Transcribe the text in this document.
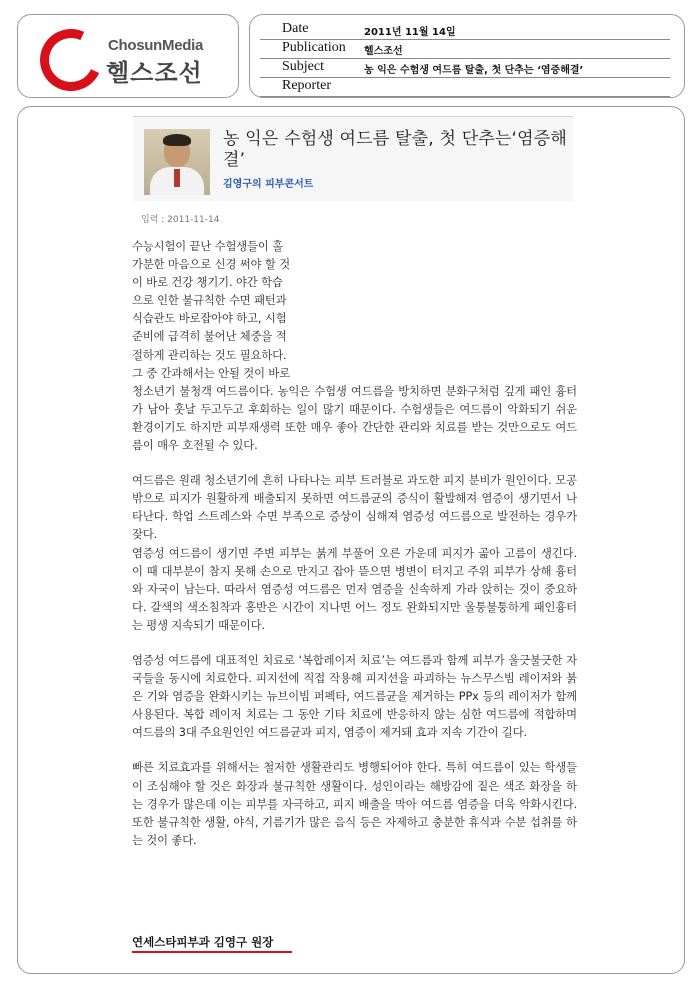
ChosunMedia
헬스조선
Date	2011년 11월 14일
Publication 헬스조선
Subject	농 익은 수험생 여드름 탈출, 첫 단추는 ‘염증해결’
Reporter
농 익은 수험생 여드름 탈출, 첫 단추는‘염증해결’
김영구의 피부콘서트
입력 : 2011-11-14

수능시험이 끝난 수험생들이 홀
가분한 마음으로 신경 써야 할 것
이 바로 건강 챙기기. 야간 학습
으로 인한 불규칙한 수면 패턴과
식습관도 바로잡아야 하고, 시험
준비에 급격히 불어난 체중을 적
절하게 관리하는 것도 필요하다.
그 중 간과해서는 안될 것이 바로
청소년기 불청객 여드름이다. 농익은 수험생 여드름을 방치하면 분화구처럼 깊게 패인 흉터가 남아 훗날 두고두고 후회하는 일이 많기 때문이다. 수험생들은 여드름이 악화되기 쉬운 환경이기도 하지만 피부재생력 또한 매우 좋아 간단한 관리와 치료를 받는 것만으로도 여드름이 매우 호전될 수 있다.

여드름은 원래 청소년기에 흔히 나타나는 피부 트러블로 과도한 피지 분비가 원인이다. 모공 밖으로 피지가 원활하게 배출되지 못하면 여드름균의 증식이 활발해져 염증이 생기면서 나타난다. 학업 스트레스와 수면 부족으로 증상이 심해져 염증성 여드름으로 발전하는 경우가 잦다.

염증성 여드름이 생기면 주변 피부는 붉게 부풀어 오른 가운데 피지가 곪아 고름이 생긴다. 이 때 대부분이 참지 못해 손으로 만지고 잡아 뜯으면 병변이 터지고 주위 피부가 상해 흉터와 자국이 남는다. 따라서 염증성 여드름은 먼저 염증을 신속하게 가라 앉히는 것이 중요하다. 갈색의 색소침착과 홍반은 시간이 지나면 어느 정도 완화되지만 울퉁불퉁하게 패인흉터는 평생 지속되기 때문이다.

염증성 여드름에 대표적인 치료로 ‘복합레이저 치료’는 여드름과 함께 피부가 울긋불긋한 자국들을 동시에 치료한다. 피지선에 직접 작용해 피지선을 파괴하는 뉴스무스빔 레이저와 붉은 기와 염증을 완화시키는 뉴브이빔 퍼펙타, 여드름균을 제거하는 PPx 등의 레이저가 함께 사용된다. 복합 레이저 치료는 그 동안 기타 치료에 반응하지 않는 심한 여드름에 적합하며 여드름의 3대 주요원인인 여드름균과 피지, 염증이 제거돼 효과 지속 기간이 길다.

빠른 치료효과를 위해서는 철저한 생활관리도 병행되어야 한다. 특히 여드름이 있는 학생들이 조심해야 할 것은 화장과 불규칙한 생활이다. 성인이라는 해방감에 짙은 색조 화장을 하는 경우가 많은데 이는 피부를 자극하고, 피지 배출을 막아 여드름 염증을 더욱 악화시킨다. 또한 불규칙한 생활, 야식, 기름기가 많은 음식 등은 자제하고 충분한 휴식과 수분 섭취를 하는 것이 좋다.

연세스타피부과 김영구 원장
